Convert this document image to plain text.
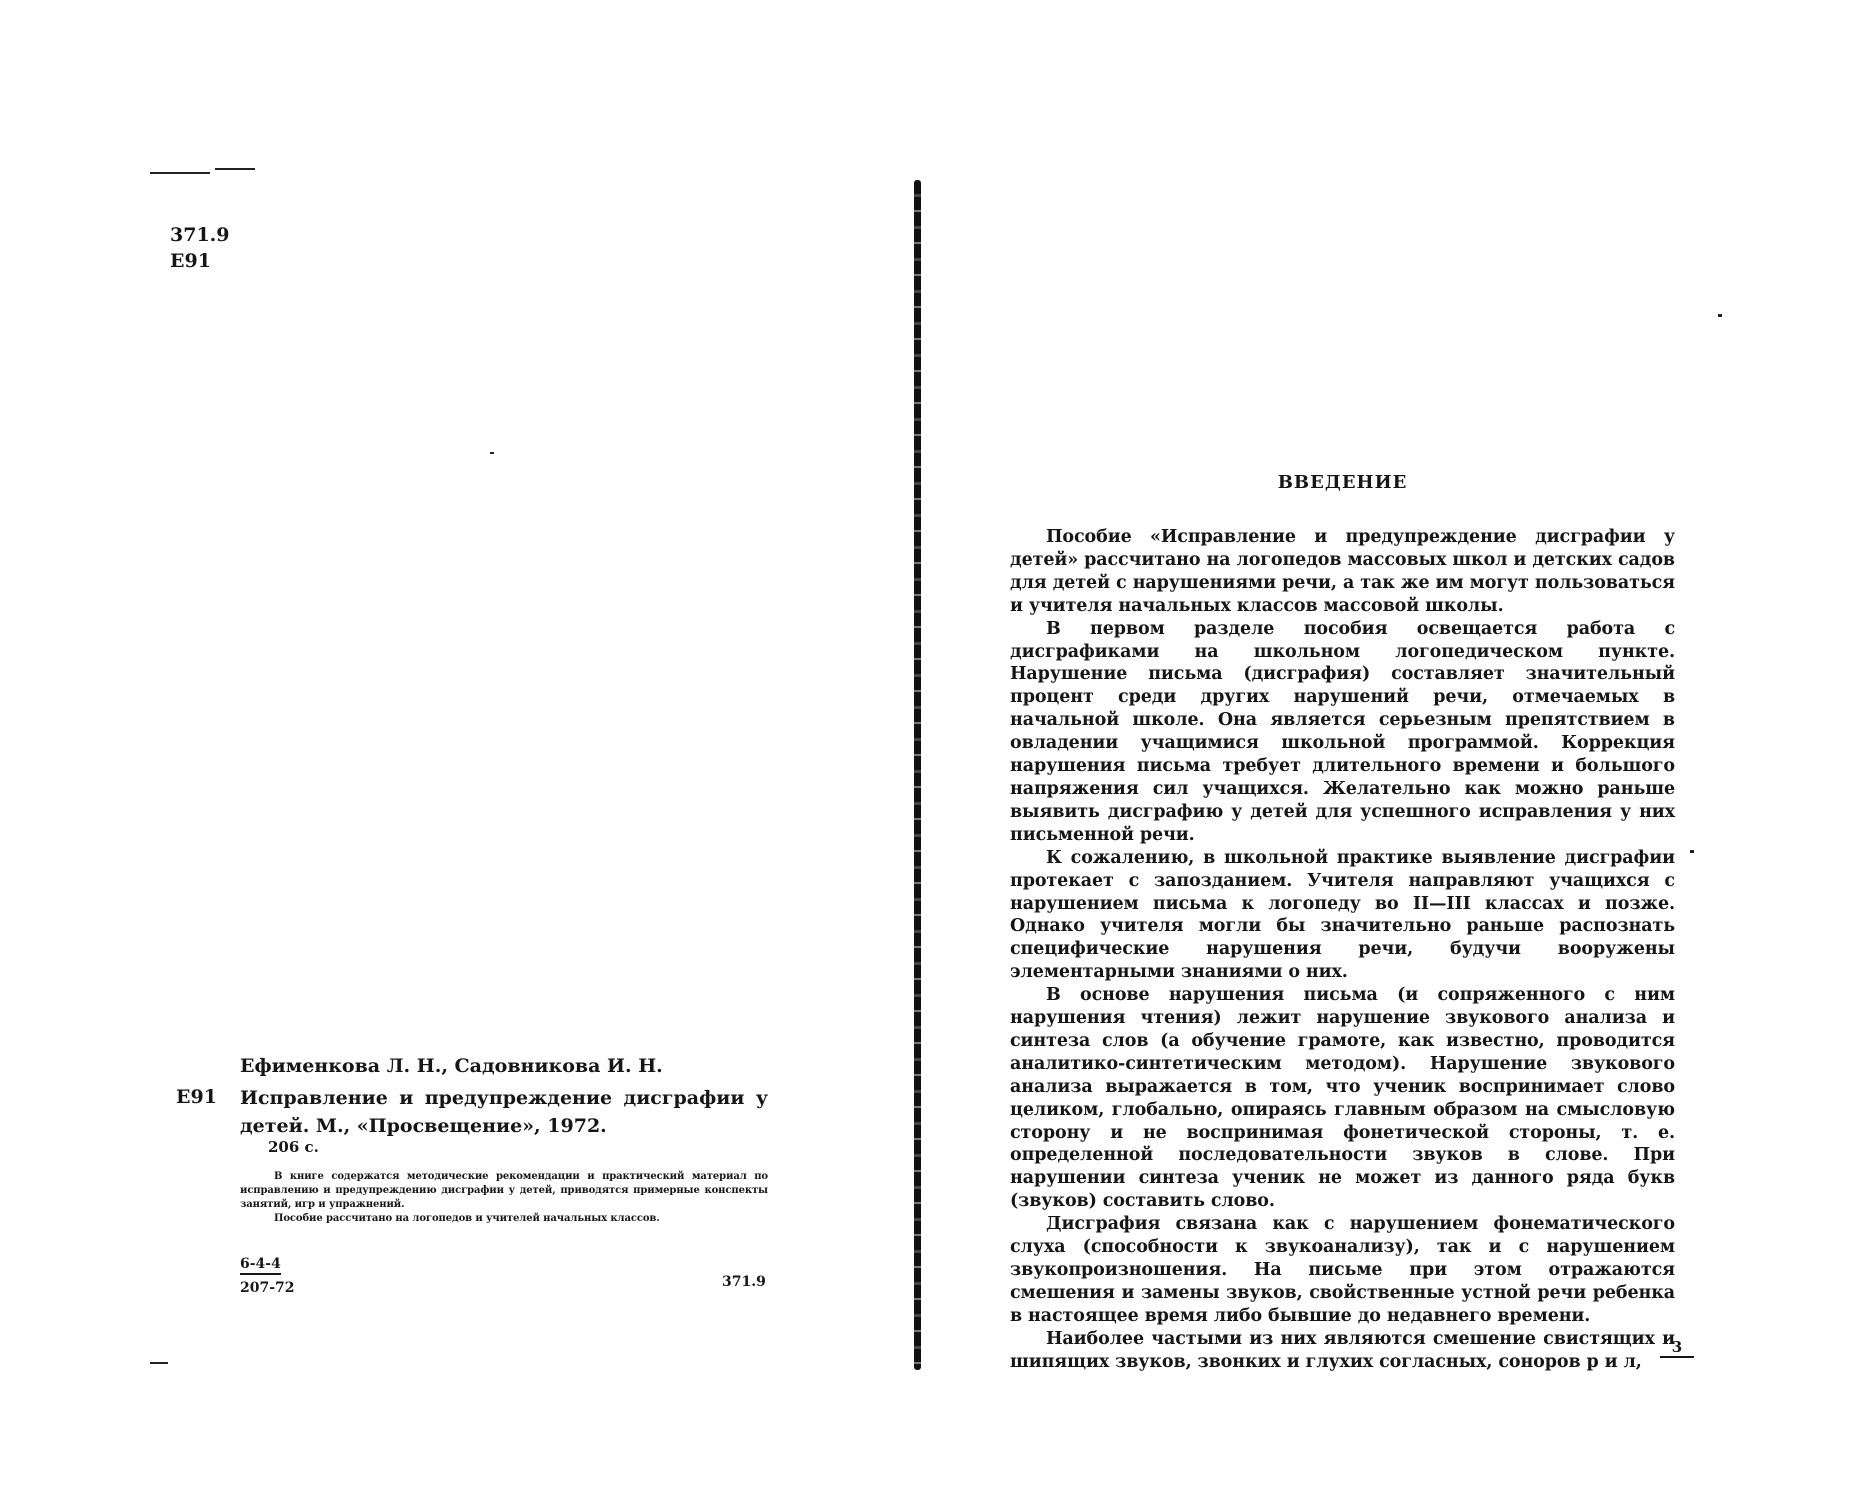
371.9
Е91
Ефименкова Л. Н., Садовникова И. Н.
Е91 Исправление и предупреждение дисграфии у детей. М., «Просвещение», 1972.
206 с.

В книге содержатся методические рекомендации и практический материал по исправлению и предупреждению дисграфии у детей, приводятся примерные конспекты занятий, игр и упражнений.

Пособие рассчитано на логопедов и учителей начальных классов.

6-4-4
207-72	371.9
ВВЕДЕНИЕ

Пособие «Исправление и предупреждение дисграфии у детей» рассчитано на логопедов массовых школ и детских садов для детей с нарушениями речи, а так же им могут пользоваться и учителя начальных классов массовой школы.

В первом разделе пособия освещается работа с дисграфиками на школьном логопедическом пункте. Нарушение письма (дисграфия) составляет значительный процент среди других нарушений речи, отмечаемых в начальной школе. Она является серьезным препятствием в овладении учащимися школьной программой. Коррекция нарушения письма требует длительного времени и большого напряжения сил учащихся. Желательно как можно раньше выявить дисграфию у детей для успешного исправления у них письменной речи.

К сожалению, в школьной практике выявление дисграфии протекает с запозданием. Учителя направляют учащихся с нарушением письма к логопеду во II—III классах и позже. Однако учителя могли бы значительно раньше распознать специфические нарушения речи, будучи вооружены элементарными знаниями о них.

В основе нарушения письма (и сопряженного с ним нарушения чтения) лежит нарушение звукового анализа и синтеза слов (а обучение грамоте, как известно, проводится аналитико-синтетическим методом). Нарушение звукового анализа выражается в том, что ученик воспринимает слово целиком, глобально, опираясь главным образом на смысловую сторону и не воспринимая фонетической стороны, т. е. определенной последовательности звуков в слове. При нарушении синтеза ученик не может из данного ряда букв (звуков) составить слово.

Дисграфия связана как с нарушением фонематического слуха (способности к звукоанализу), так и с нарушением звукопроизношения. На письме при этом отражаются смешения и замены звуков, свойственные устной речи ребенка в настоящее время либо бывшие до недавнего времени.

Наиболее частыми из них являются смешение свистящих и шипящих звуков, звонких и глухих согласных, соноров р и л,

3
